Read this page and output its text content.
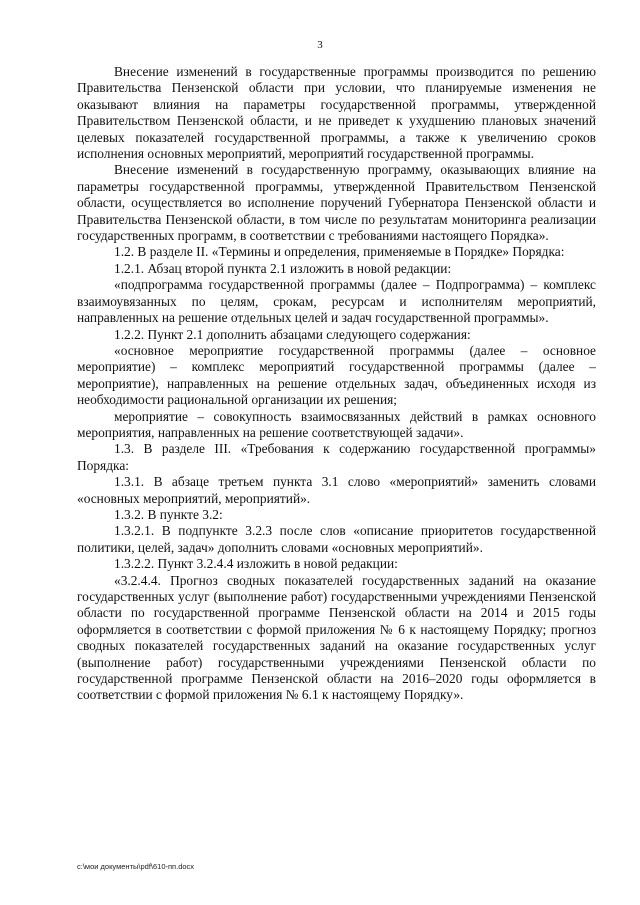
3

Внесение изменений в государственные программы производится по решению Правительства Пензенской области при условии, что планируемые изменения не оказывают влияния на параметры государственной программы, утвержденной Правительством Пензенской области, и не приведет к ухудшению плановых значений целевых показателей государственной программы, а также к увеличению сроков исполнения основных мероприятий, мероприятий государственной программы.

Внесение изменений в государственную программу, оказывающих влияние на параметры государственной программы, утвержденной Правительством Пензенской области, осуществляется во исполнение поручений Губернатора Пензенской области и Правительства Пензенской области, в том числе по результатам мониторинга реализации государственных программ, в соответствии с требованиями настоящего Порядка».

1.2. В разделе II. «Термины и определения, применяемые в Порядке» Порядка:

1.2.1. Абзац второй пункта 2.1 изложить в новой редакции:

«подпрограмма государственной программы (далее – Подпрограмма) – комплекс взаимоувязанных по целям, срокам, ресурсам и исполнителям мероприятий, направленных на решение отдельных целей и задач государственной программы».

1.2.2. Пункт 2.1 дополнить абзацами следующего содержания:

«основное мероприятие государственной программы (далее – основное мероприятие) – комплекс мероприятий государственной программы (далее – мероприятие), направленных на решение отдельных задач, объединенных исходя из необходимости рациональной организации их решения;

мероприятие – совокупность взаимосвязанных действий в рамках основного мероприятия, направленных на решение соответствующей задачи».

1.3. В разделе III. «Требования к содержанию государственной программы» Порядка:

1.3.1. В абзаце третьем пункта 3.1 слово «мероприятий» заменить словами «основных мероприятий, мероприятий».

1.3.2. В пункте 3.2:

1.3.2.1. В подпункте 3.2.3 после слов «описание приоритетов государственной политики, целей, задач» дополнить словами «основных мероприятий».

1.3.2.2. Пункт 3.2.4.4 изложить в новой редакции:

«3.2.4.4. Прогноз сводных показателей государственных заданий на оказание государственных услуг (выполнение работ) государственными учреждениями Пензенской области по государственной программе Пензенской области на 2014 и 2015 годы оформляется в соответствии с формой приложения № 6 к настоящему Порядку; прогноз сводных показателей государственных заданий на оказание государственных услуг (выполнение работ) государственными учреждениями Пензенской области по государственной программе Пензенской области на 2016–2020 годы оформляется в соответствии с формой приложения № 6.1 к настоящему Порядку».

c:\мои документы\pdf\610-пп.docx
